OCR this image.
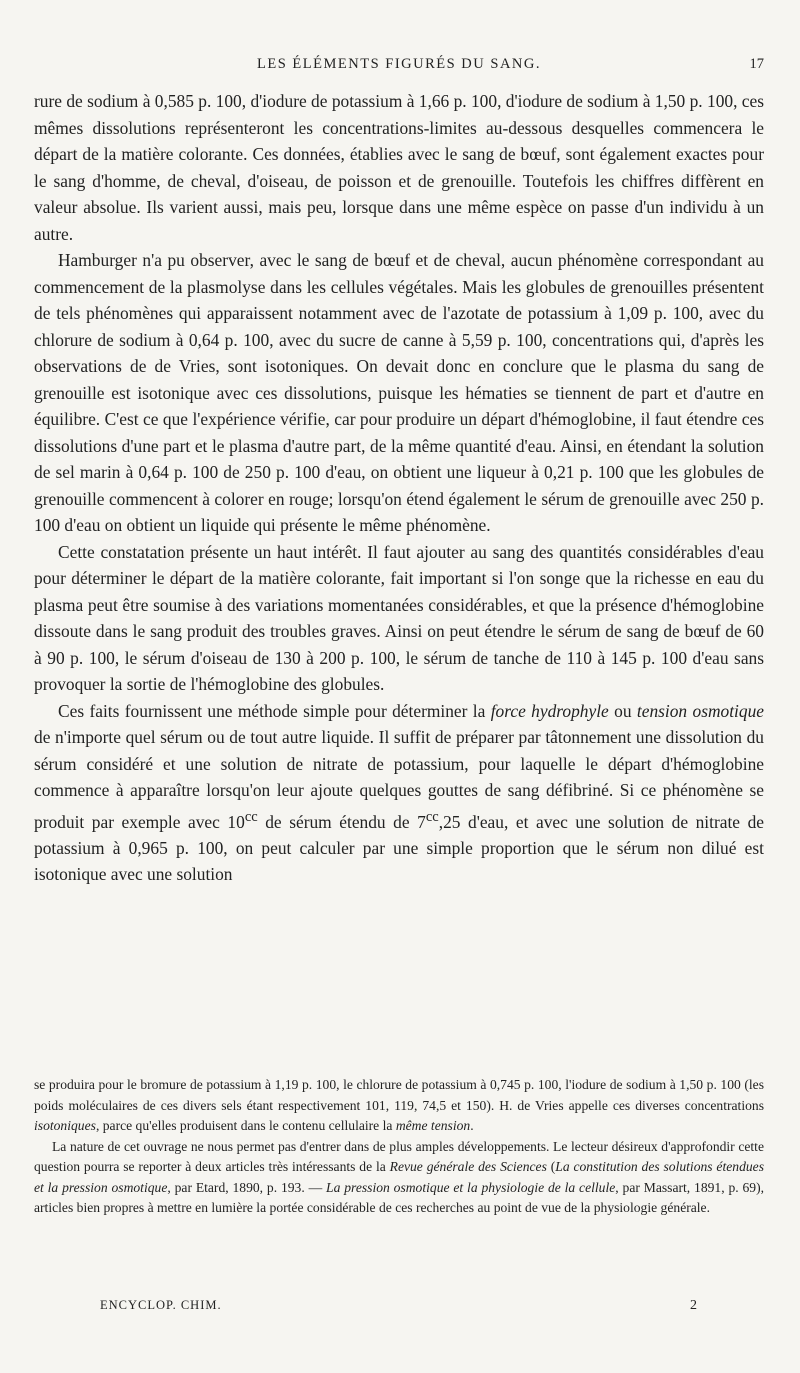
LES ÉLÉMENTS FIGURÉS DU SANG.	17

rure de sodium à 0,585 p. 100, d'iodure de potassium à 1,66 p. 100, d'iodure de sodium à 1,50 p. 100, ces mêmes dissolutions représenteront les concentrations-limites au-dessous desquelles commencera le départ de la matière colorante. Ces données, établies avec le sang de bœuf, sont également exactes pour le sang d'homme, de cheval, d'oiseau, de poisson et de grenouille. Toutefois les chiffres diffèrent en valeur absolue. Ils varient aussi, mais peu, lorsque dans une même espèce on passe d'un individu à un autre.

Hamburger n'a pu observer, avec le sang de bœuf et de cheval, aucun phénomène correspondant au commencement de la plasmolyse dans les cellules végétales. Mais les globules de grenouilles présentent de tels phénomènes qui apparaissent notamment avec de l'azotate de potassium à 1,09 p. 100, avec du chlorure de sodium à 0,64 p. 100, avec du sucre de canne à 5,59 p. 100, concentrations qui, d'après les observations de de Vries, sont isotoniques. On devait donc en conclure que le plasma du sang de grenouille est isotonique avec ces dissolutions, puisque les hématies se tiennent de part et d'autre en équilibre. C'est ce que l'expérience vérifie, car pour produire un départ d'hémoglobine, il faut étendre ces dissolutions d'une part et le plasma d'autre part, de la même quantité d'eau. Ainsi, en étendant la solution de sel marin à 0,64 p. 100 de 250 p. 100 d'eau, on obtient une liqueur à 0,21 p. 100 que les globules de grenouille commencent à colorer en rouge; lorsqu'on étend également le sérum de grenouille avec 250 p. 100 d'eau on obtient un liquide qui présente le même phénomène.

Cette constatation présente un haut intérêt. Il faut ajouter au sang des quantités considérables d'eau pour déterminer le départ de la matière colorante, fait important si l'on songe que la richesse en eau du plasma peut être soumise à des variations momentanées considérables, et que la présence d'hémoglobine dissoute dans le sang produit des troubles graves. Ainsi on peut étendre le sérum de sang de bœuf de 60 à 90 p. 100, le sérum d'oiseau de 130 à 200 p. 100, le sérum de tanche de 110 à 145 p. 100 d'eau sans provoquer la sortie de l'hémoglobine des globules.

Ces faits fournissent une méthode simple pour déterminer la force hydrophyle ou tension osmotique de n'importe quel sérum ou de tout autre liquide. Il suffit de préparer par tâtonnement une dissolution du sérum considéré et une solution de nitrate de potassium, pour laquelle le départ d'hémoglobine commence à apparaître lorsqu'on leur ajoute quelques gouttes de sang défibriné. Si ce phénomène se produit par exemple avec $10^{cc}$ de sérum étendu de $7^{cc},25$ d'eau, et avec une solution de nitrate de potassium à 0,965 p. 100, on peut calculer par une simple proportion que le sérum non dilué est isotonique avec une solution

se produira pour le bromure de potassium à 1,19 p. 100, le chlorure de potassium à 0,745 p. 100, l'iodure de sodium à 1,50 p. 100 (les poids moléculaires de ces divers sels étant respectivement 101, 119, 74,5 et 150). H. de Vries appelle ces diverses concentrations isotoniques, parce qu'elles produisent dans le contenu cellulaire la même tension.

La nature de cet ouvrage ne nous permet pas d'entrer dans de plus amples développements. Le lecteur désireux d'approfondir cette question pourra se reporter à deux articles très intéressants de la Revue générale des Sciences (La constitution des solutions étendues et la pression osmotique, par Etard, 1890, p. 193. — La pression osmotique et la physiologie de la cellule, par Massart, 1891, p. 69), articles bien propres à mettre en lumière la portée considérable de ces recherches au point de vue de la physiologie générale.

ENCYCLOP. CHIM.	2
